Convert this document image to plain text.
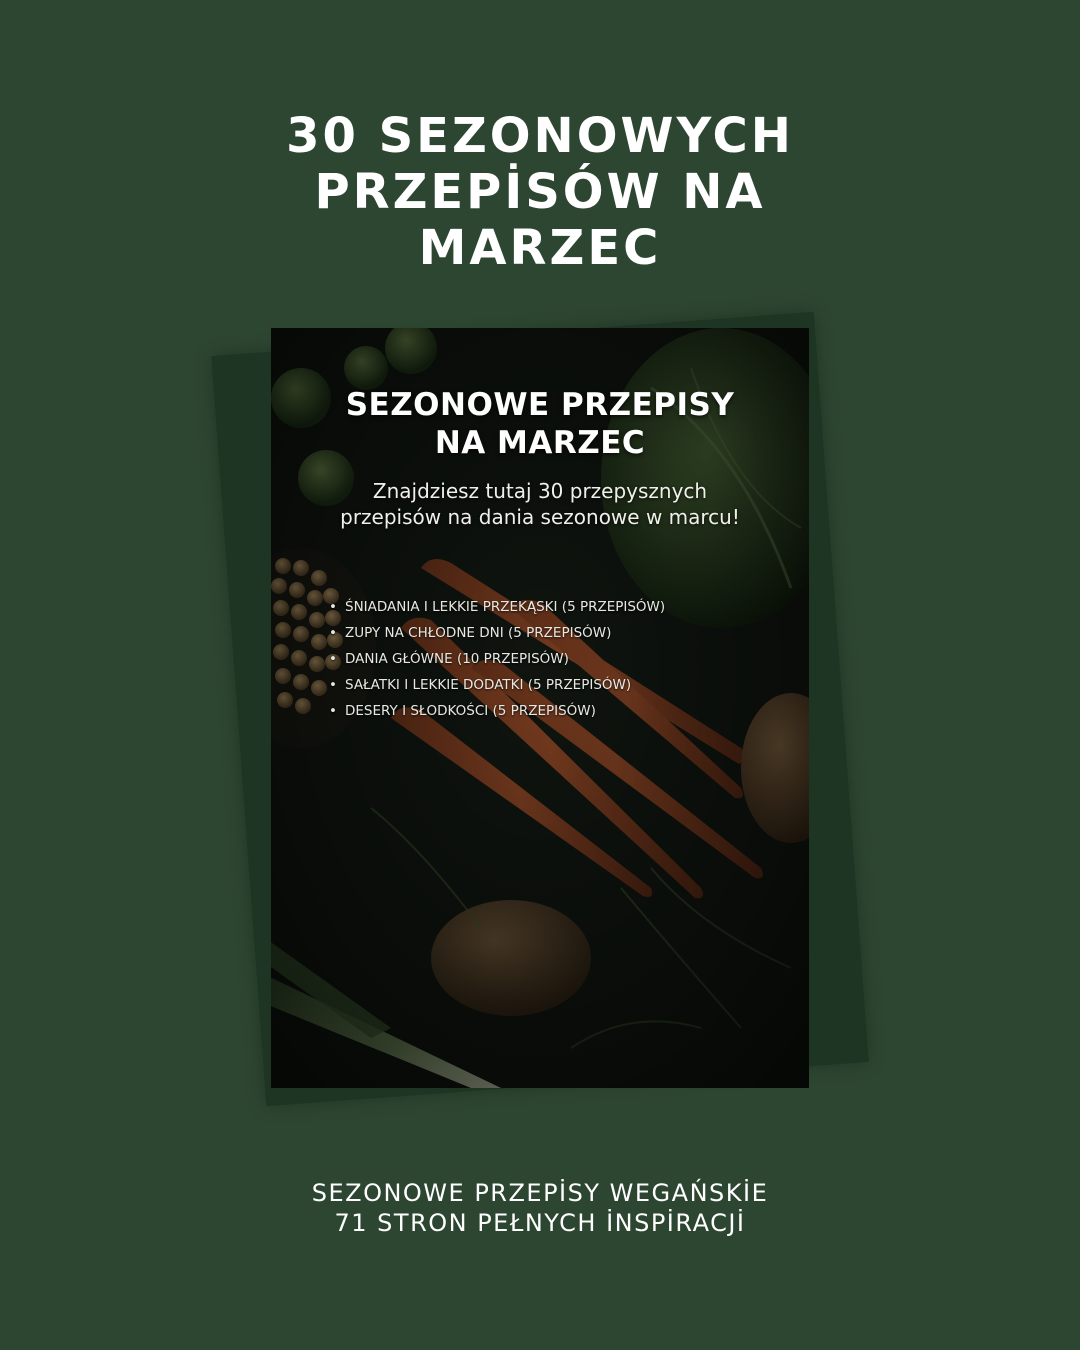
30 SEZONOWYCH
PRZEPİSÓW NA
MARZEC
SEZONOWE PRZEPISY
NA MARZEC
Znajdziesz tutaj 30 przepysznych przepisów na dania sezonowe w marcu!
• ŚNIADANIA I LEKKIE PRZEKĄSKI (5 PRZEPISÓW)
• ZUPY NA CHŁODNE DNI (5 PRZEPISÓW)
• DANIA GŁÓWNE (10 PRZEPISÓW)
• SAŁATKI I LEKKIE DODATKI (5 PRZEPISÓW)
• DESERY I SŁODKOŚCI (5 PRZEPISÓW)
SEZONOWE PRZEPİSY WEGAŃSKİE
71 STRON PEŁNYCH İNSPİRACJİ
